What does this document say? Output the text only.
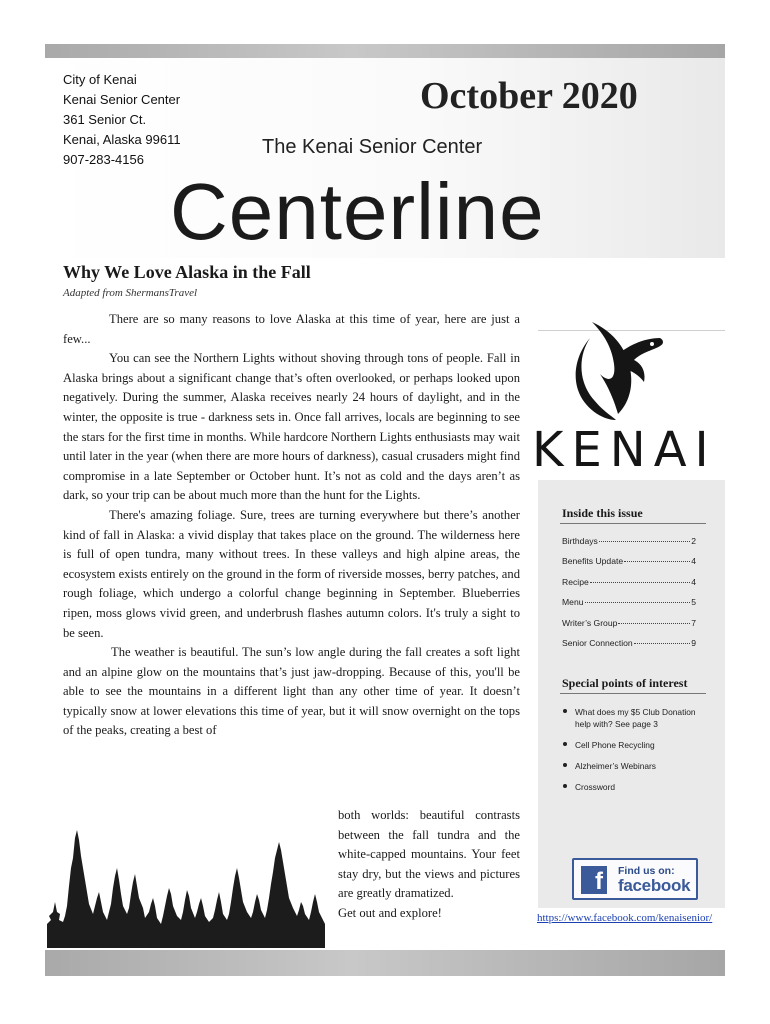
City of Kenai
Kenai Senior Center
361 Senior Ct.
Kenai, Alaska 99611
907-283-4156
October 2020
The Kenai Senior Center
Centerline
Why We Love Alaska in the Fall
Adapted from ShermansTravel

There are so many reasons to love Alaska at this time of year, here are just a few...

You can see the Northern Lights without shoving through tons of people. Fall in Alaska brings about a significant change that’s often overlooked, or perhaps looked upon negatively. During the summer, Alaska receives nearly 24 hours of daylight, and in the winter, the opposite is true - darkness sets in. Once fall arrives, locals are beginning to see the stars for the first time in months. While hardcore Northern Lights enthusiasts may wait until later in the year (when there are more hours of darkness), casual crusaders might find compromise in a late September or October hunt. It’s not as cold and the days aren’t as dark, so your trip can be about much more than the hunt for the Lights.

There's amazing foliage. Sure, trees are turning everywhere but there’s another kind of fall in Alaska: a vivid display that takes place on the ground. The wilderness here is full of open tundra, many without trees. In these valleys and high alpine areas, the ecosystem exists entirely on the ground in the form of riverside mosses, berry patches, and rough foliage, which undergo a colorful change beginning in September. Blueberries ripen, moss glows vivid green, and underbrush flashes autumn colors. It's truly a sight to be seen.

The weather is beautiful. The sun’s low angle during the fall creates a soft light and an alpine glow on the mountains that’s just jaw-dropping. Because of this, you'll be able to see the mountains in a different light than any other time of year. It doesn’t typically snow at lower elevations this time of year, but it will snow overnight on the tops of the peaks, creating a best of

both worlds: beautiful contrasts between the fall tundra and the white-capped mountains. Your feet stay dry, but the views and pictures are greatly dramatized.
Get out and explore!
KENAI
Inside this issue
Birthdays	2
Benefits Update	4
Recipe	4
Menu	5
Writer’s Group	7
Senior Connection	9
Special points of interest
What does my $5 Club Donation help with? See page 3
Cell Phone Recycling
Alzheimer’s Webinars
Crossword
f	Find us on:
facebook
https://www.facebook.com/kenaisenior/
